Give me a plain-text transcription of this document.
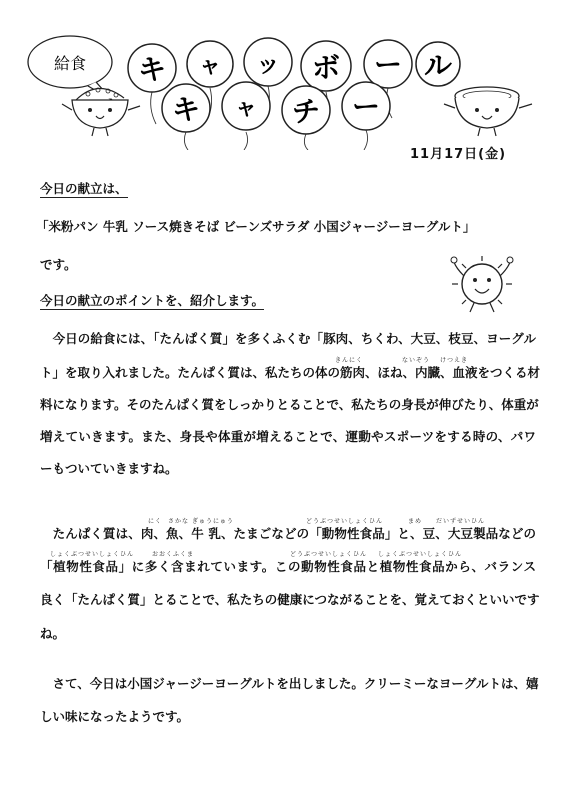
給食 キ ャ ッ ボ ー ル
キ ャ チ ー
11月17日(金)
今日の献立は、
「米粉パン 牛乳 ソース焼きそば ビーンズサラダ 小国ジャージーヨーグルト」
です。
今日の献立のポイントを、紹介します。
　今日の給食には、「たんぱく質」を多くふくむ「豚肉、ちくわ、大豆、枝豆、ヨーグル
きんにく	ないぞう けつえき
ト」を取り入れました。たんぱく質は、私たちの体の筋肉、ほね、内臓、血液をつくる材
料になります。そのたんぱく質をしっかりとることで、私たちの身長が伸びたり、体重が
増えていきます。また、身長や体重が増えることで、運動やスポーツをする時の、パワ
ーもついていきますね。
にく さかな ぎゅうにゅう	どうぶつせいしょくひん	まめ だいずせいひん
　たんぱく質は、肉、魚、牛 乳、たまごなどの「動物性食品」と、豆、大豆製品などの
しょくぶつせいしょくひん	おおくふくま	どうぶつせいしょくひん しょくぶつせいしょくひん
「植物性食品」に多く含まれています。この動物性食品と植物性食品から、バランス
良く「たんぱく質」とることで、私たちの健康につながることを、覚えておくといいです
ね。
　さて、今日は小国ジャージーヨーグルトを出しました。クリーミーなヨーグルトは、嬉
しい味になったようです。
